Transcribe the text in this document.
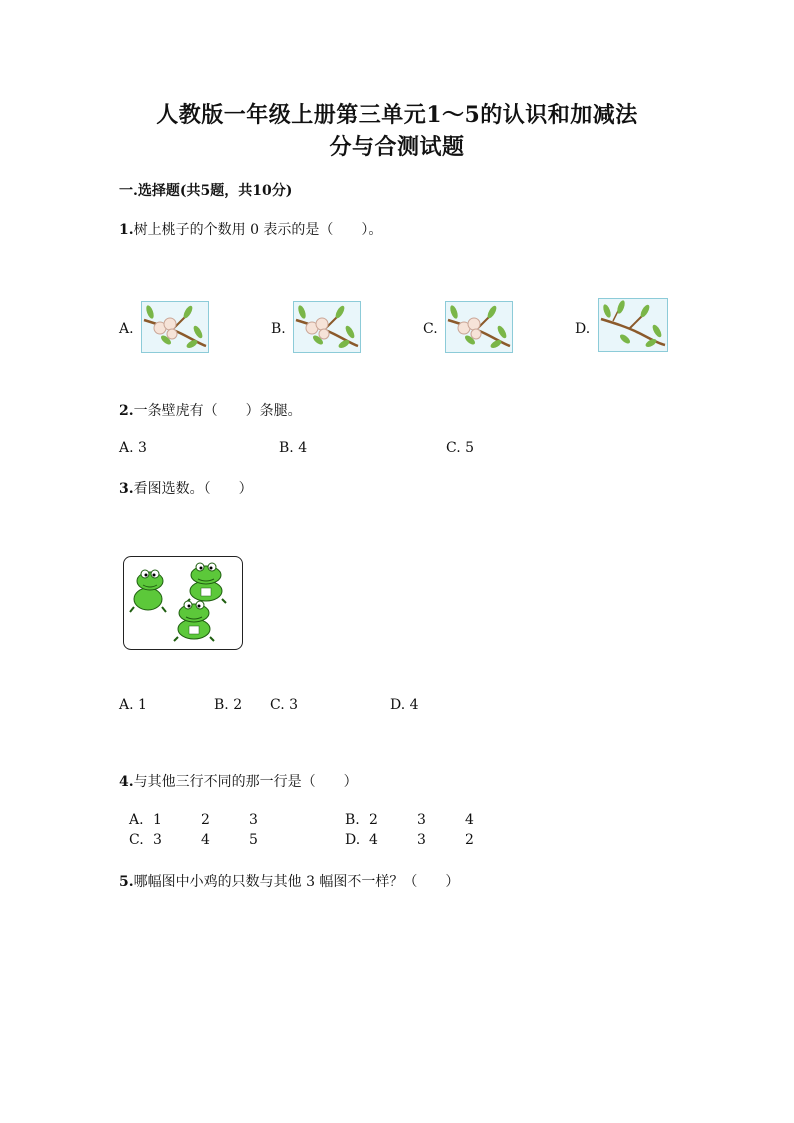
人教版一年级上册第三单元1～5的认识和加减法
分与合测试题
一.选择题(共5题，共10分)
1.树上桃子的个数用 0 表示的是（　　）。
A.	B.	C.	D.
2.一条壁虎有（　　）条腿。
A. 3	B. 4	C. 5
3.看图选数。（　　）
A. 1	B. 2 C. 3	D. 4
4.与其他三行不同的那一行是（　　）
A. 1	2	3	B. 2	3	4
C. 3	4	5	D. 4	3	2
5.哪幅图中小鸡的只数与其他 3 幅图不一样？（　　）
